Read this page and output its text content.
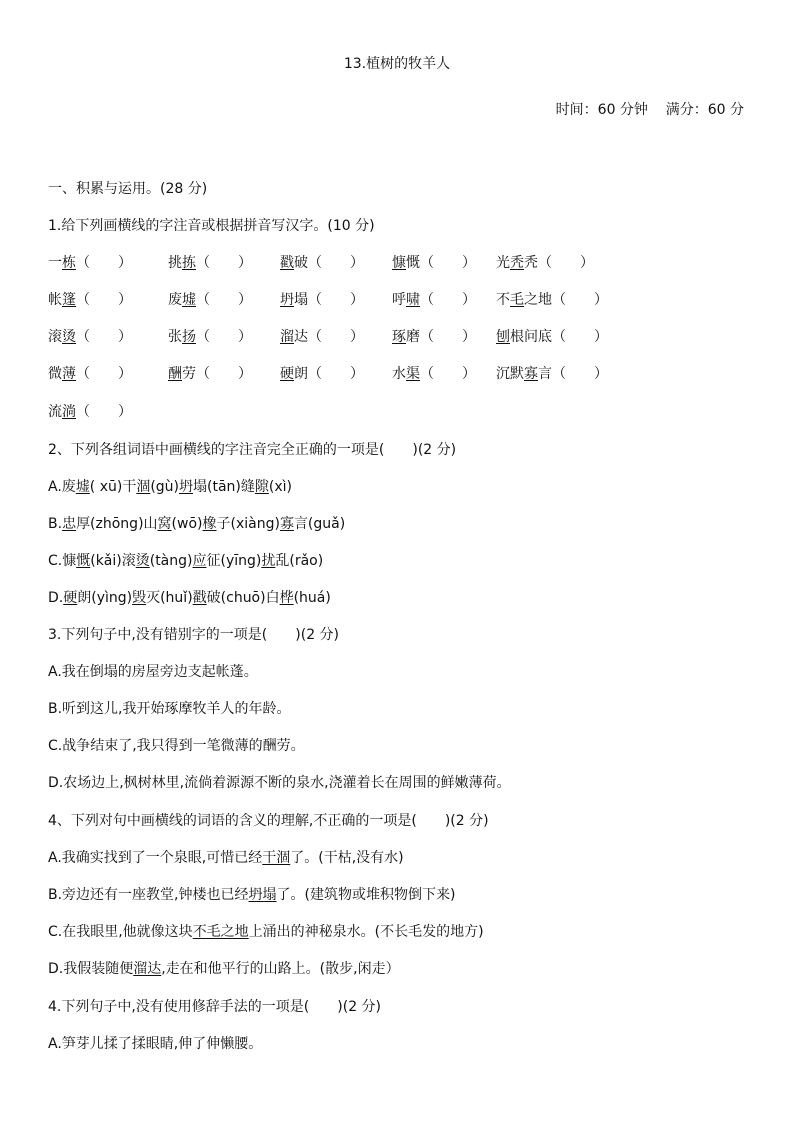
13.植树的牧羊人
时间：60 分钟    满分：60 分
一、积累与运用。(28 分)
1.给下列画横线的字注音或根据拼音写汉字。(10 分)
一栋（　　）	挑拣（　　） 戳破（　　） 慷慨（　　） 光秃秃（　　）
帐篷（　　）	废墟（　　） 坍塌（　　） 呼啸（　　） 不毛之地（　　）
滚烫（　　）	张扬（　　） 溜达（　　） 琢磨（　　） 刨根问底（　　）
微薄（　　）	酬劳（　　） 硬朗（　　） 水渠（　　） 沉默寡言（　　）
流淌（　　）
2、下列各组词语中画横线的字注音完全正确的一项是(　　)(2 分)
A.废墟( xū)干涸(gù)坍塌(tān)缝隙(xì)
B.忠厚(zhōng)山窝(wō)橡子(xiàng)寡言(guǎ)
C.慷慨(kǎi)滚烫(tàng)应征(yīng)扰乱(rǎo)
D.硬朗(yìng)毁灭(huǐ)戳破(chuō)白桦(huá)
3.下列句子中,没有错别字的一项是(　　)(2 分)
A.我在倒塌的房屋旁边支起帐蓬。
B.听到这儿,我开始琢摩牧羊人的年龄。
C.战争结束了,我只得到一笔微薄的酬劳。
D.农场边上,枫树林里,流倘着源源不断的泉水,浇灌着长在周围的鲜嫩薄荷。
4、下列对句中画横线的词语的含义的理解,不正确的一项是(　　)(2 分)
A.我确实找到了一个泉眼,可惜已经干涸了。(干枯,没有水)
B.旁边还有一座教堂,钟楼也已经坍塌了。(建筑物或堆积物倒下来)
C.在我眼里,他就像这块不毛之地上涌出的神秘泉水。(不长毛发的地方)
D.我假装随便溜达,走在和他平行的山路上。(散步,闲走）
4.下列句子中,没有使用修辞手法的一项是(　　)(2 分)
A.笋芽儿揉了揉眼睛,伸了伸懒腰。
